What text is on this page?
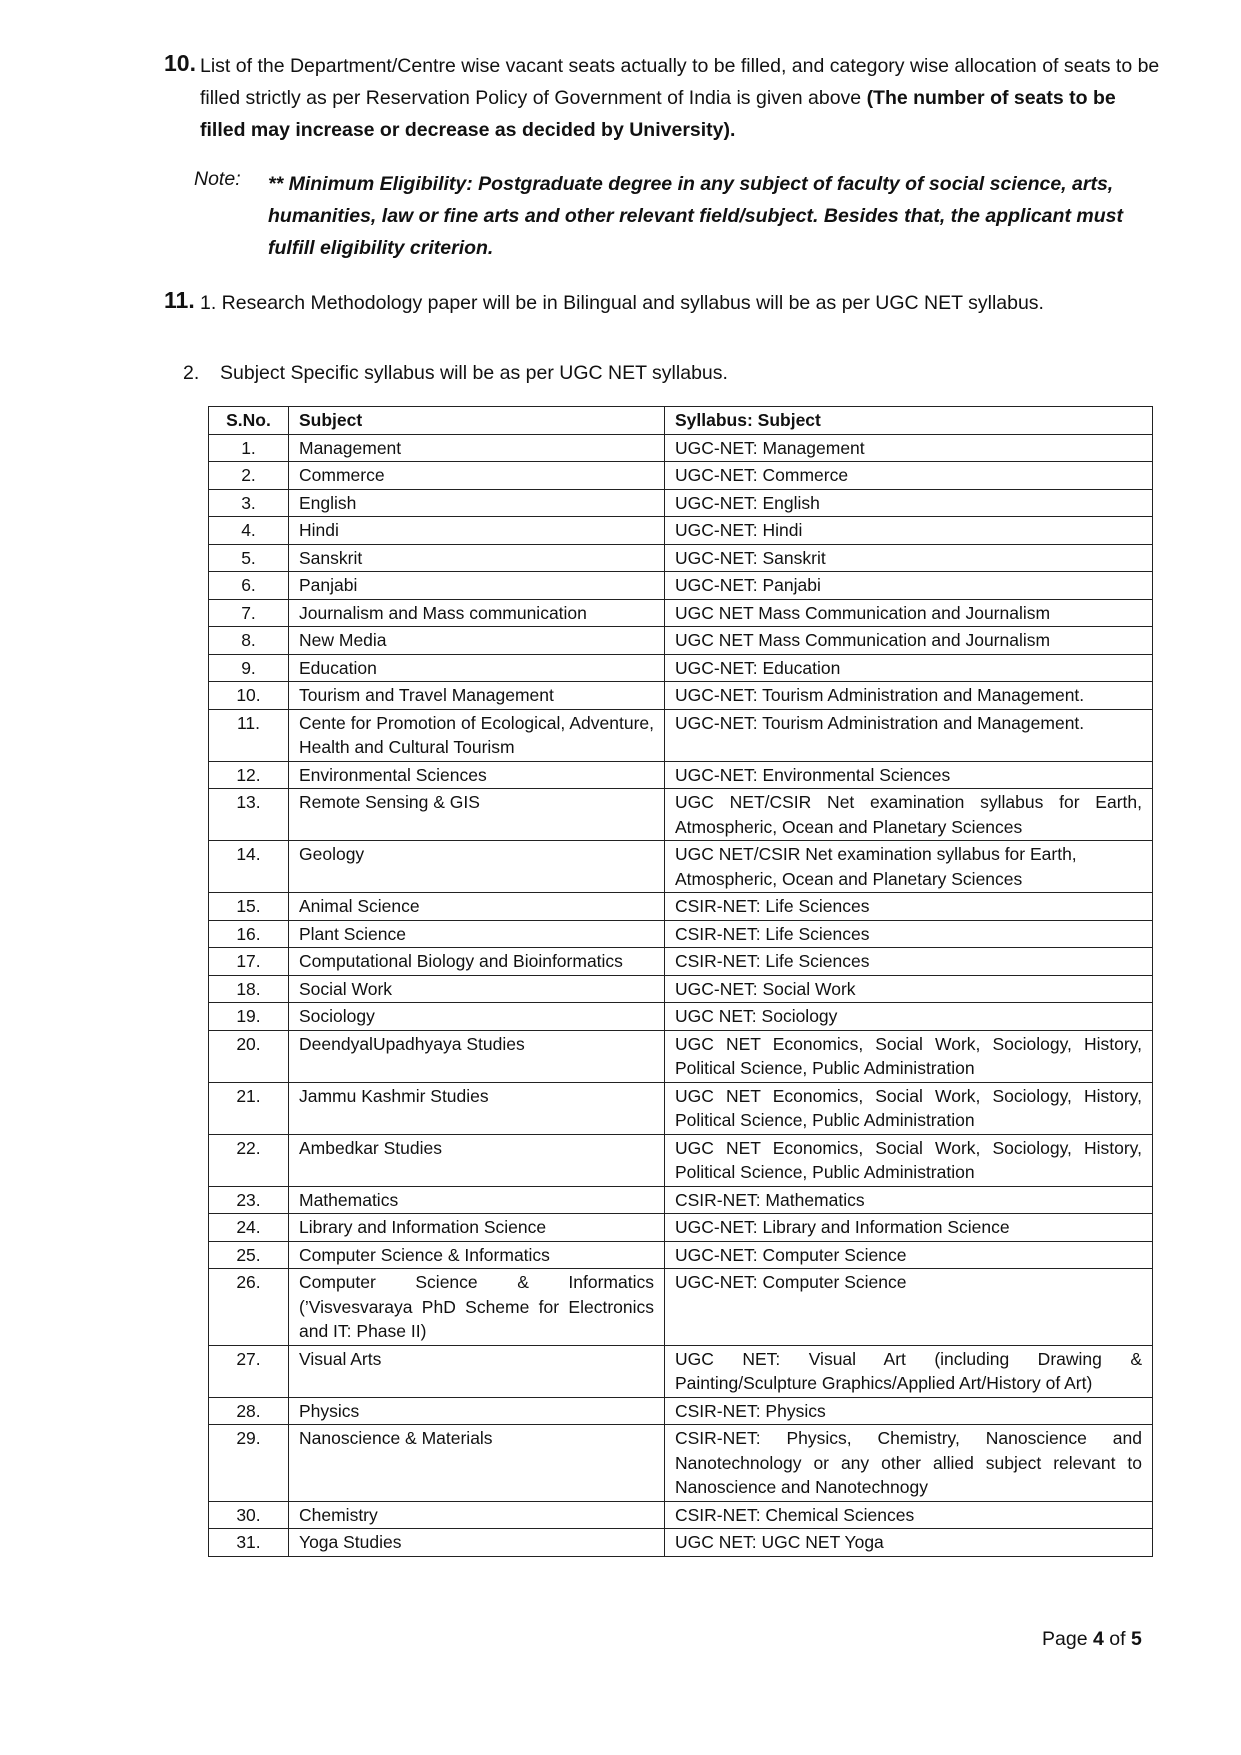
10. List of the Department/Centre wise vacant seats actually to be filled, and category wise allocation of seats to be filled strictly as per Reservation Policy of Government of India is given above (The number of seats to be filled may increase or decrease as decided by University).
Note: ** Minimum Eligibility: Postgraduate degree in any subject of faculty of social science, arts, humanities, law or fine arts and other relevant field/subject. Besides that, the applicant must fulfill eligibility criterion.
11. 1. Research Methodology paper will be in Bilingual and syllabus will be as per UGC NET syllabus.
2. Subject Specific syllabus will be as per UGC NET syllabus.
S.No.	Subject	Syllabus: Subject
1.	Management	UGC-NET: Management
2.	Commerce	UGC-NET: Commerce
3.	English	UGC-NET: English
4.	Hindi	UGC-NET: Hindi
5.	Sanskrit	UGC-NET: Sanskrit
6.	Panjabi	UGC-NET: Panjabi
7.	Journalism and Mass communication	UGC NET Mass Communication and Journalism
8.	New Media	UGC NET Mass Communication and Journalism
9.	Education	UGC-NET: Education
10.	Tourism and Travel Management	UGC-NET: Tourism Administration and Management.
11.	Cente for Promotion of Ecological, Adventure, Health and Cultural Tourism	UGC-NET: Tourism Administration and Management.
12.	Environmental Sciences	UGC-NET: Environmental Sciences
13.	Remote Sensing & GIS	UGC NET/CSIR Net examination syllabus for Earth, Atmospheric, Ocean and Planetary Sciences
14.	Geology	UGC NET/CSIR Net examination syllabus for Earth, Atmospheric, Ocean and Planetary Sciences
15.	Animal Science	CSIR-NET: Life Sciences
16.	Plant Science	CSIR-NET: Life Sciences
17.	Computational Biology and Bioinformatics	CSIR-NET: Life Sciences
18.	Social Work	UGC-NET: Social Work
19.	Sociology	UGC NET: Sociology
20.	DeendyalUpadhyaya Studies	UGC NET Economics, Social Work, Sociology, History, Political Science, Public Administration
21.	Jammu Kashmir Studies	UGC NET Economics, Social Work, Sociology, History, Political Science, Public Administration
22.	Ambedkar Studies	UGC NET Economics, Social Work, Sociology, History, Political Science, Public Administration
23.	Mathematics	CSIR-NET: Mathematics
24.	Library and Information Science	UGC-NET: Library and Information Science
25.	Computer Science & Informatics	UGC-NET: Computer Science
26.	Computer Science & Informatics (’Visvesvaraya PhD Scheme for Electronics and IT: Phase II)	UGC-NET: Computer Science
27.	Visual Arts	UGC NET: Visual Art (including Drawing & Painting/Sculpture Graphics/Applied Art/History of Art)
28.	Physics	CSIR-NET: Physics
29.	Nanoscience & Materials	CSIR-NET: Physics, Chemistry, Nanoscience and Nanotechnology or any other allied subject relevant to Nanoscience and Nanotechnogy
30.	Chemistry	CSIR-NET: Chemical Sciences
31.	Yoga Studies	UGC NET: UGC NET Yoga
Page 4 of 5
